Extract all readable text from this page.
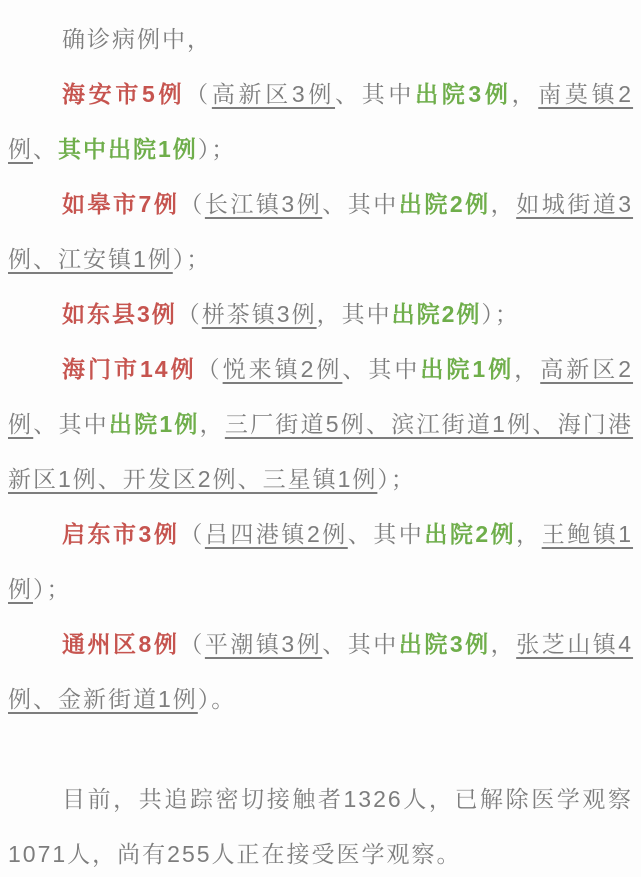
确诊病例中，

海安市5例（高新区3例、其中出院3例，南莫镇2例、其中出院1例）；

如皋市7例（长江镇3例、其中出院2例，如城街道3例、江安镇1例）；

如东县3例（栟茶镇3例，其中出院2例）；

海门市14例（悦来镇2例、其中出院1例，高新区2例、其中出院1例，三厂街道5例、滨江街道1例、海门港新区1例、开发区2例、三星镇1例）；

启东市3例（吕四港镇2例、其中出院2例，王鲍镇1例）；

通州区8例（平潮镇3例、其中出院3例，张芝山镇4例、金新街道1例）。

目前，共追踪密切接触者1326人，已解除医学观察1071人，尚有255人正在接受医学观察。
